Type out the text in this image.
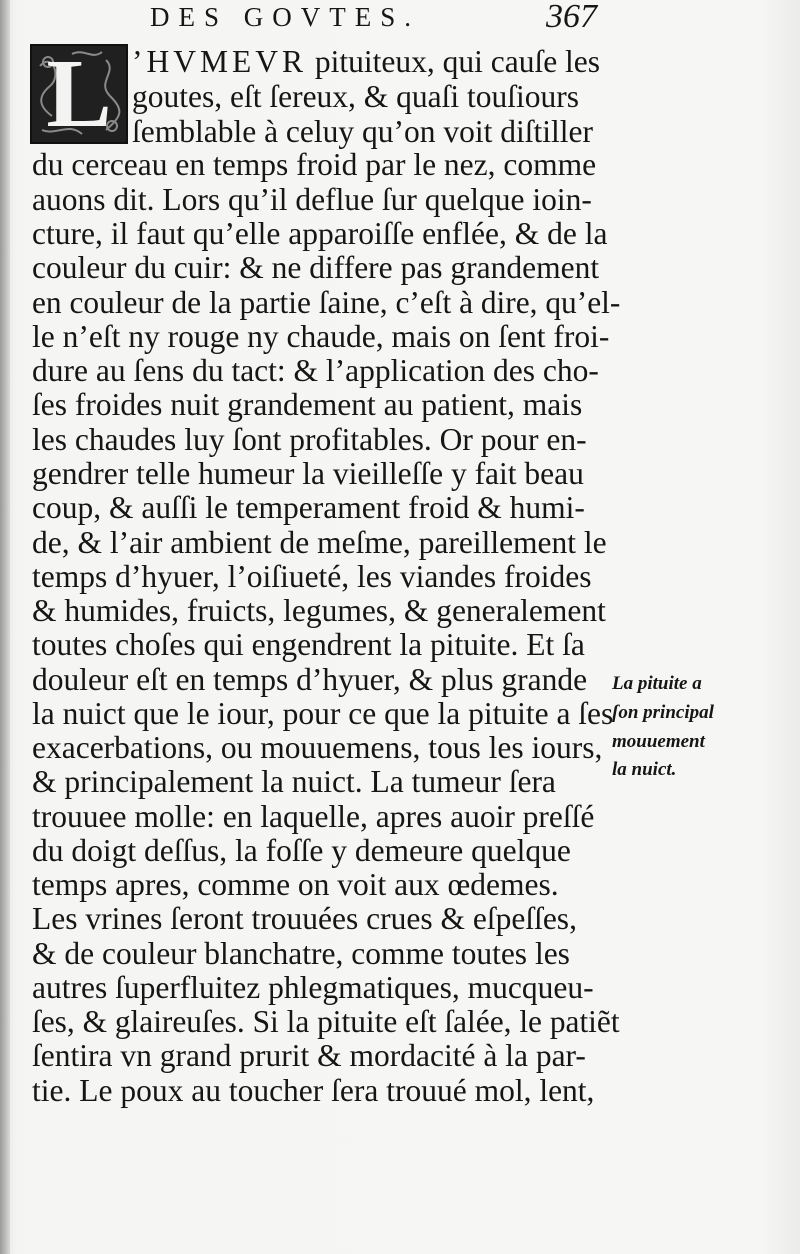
DES GOVTES.	367
L ’HVMEVR pituiteux, qui cauſe les
goutes, eſt ſereux, & quaſi touſiours
ſemblable à celuy qu’on voit diſtiller
du cerceau en temps froid par le nez, comme
auons dit. Lors qu’il deflue ſur quelque ioin-
cture, il faut qu’elle apparoiſſe enflée, & de la
couleur du cuir: & ne differe pas grandement
en couleur de la partie ſaine, c’eſt à dire, qu’el-
le n’eſt ny rouge ny chaude, mais on ſent froi-
dure au ſens du tact: & l’application des cho-
ſes froides nuit grandement au patient, mais
les chaudes luy ſont profitables. Or pour en-
gendrer telle humeur la vieilleſſe y fait beau
coup, & auſſi le temperament froid & humi-
de, & l’air ambient de meſme, pareillement le
temps d’hyuer, l’oiſiueté, les viandes froides
& humides, fruicts, legumes, & generalement
toutes choſes qui engendrent la pituite. Et ſa
douleur eſt en temps d’hyuer, & plus grande
la nuict que le iour, pour ce que la pituite a ſes
exacerbations, ou mouuemens, tous les iours,
& principalement la nuict. La tumeur ſera
trouuee molle: en laquelle, apres auoir preſſé
du doigt deſſus, la foſſe y demeure quelque
temps apres, comme on voit aux œdemes.
Les vrines ſeront trouuées crues & eſpeſſes,
& de couleur blanchatre, comme toutes les
autres ſuperfluitez phlegmatiques, mucqueu-
ſes, & glaireuſes. Si la pituite eſt ſalée, le patiẽt
ſentira vn grand prurit & mordacité à la par-
tie. Le poux au toucher ſera trouué mol, lent,
La pituite a
ſon principal
mouuement
la nuict.
